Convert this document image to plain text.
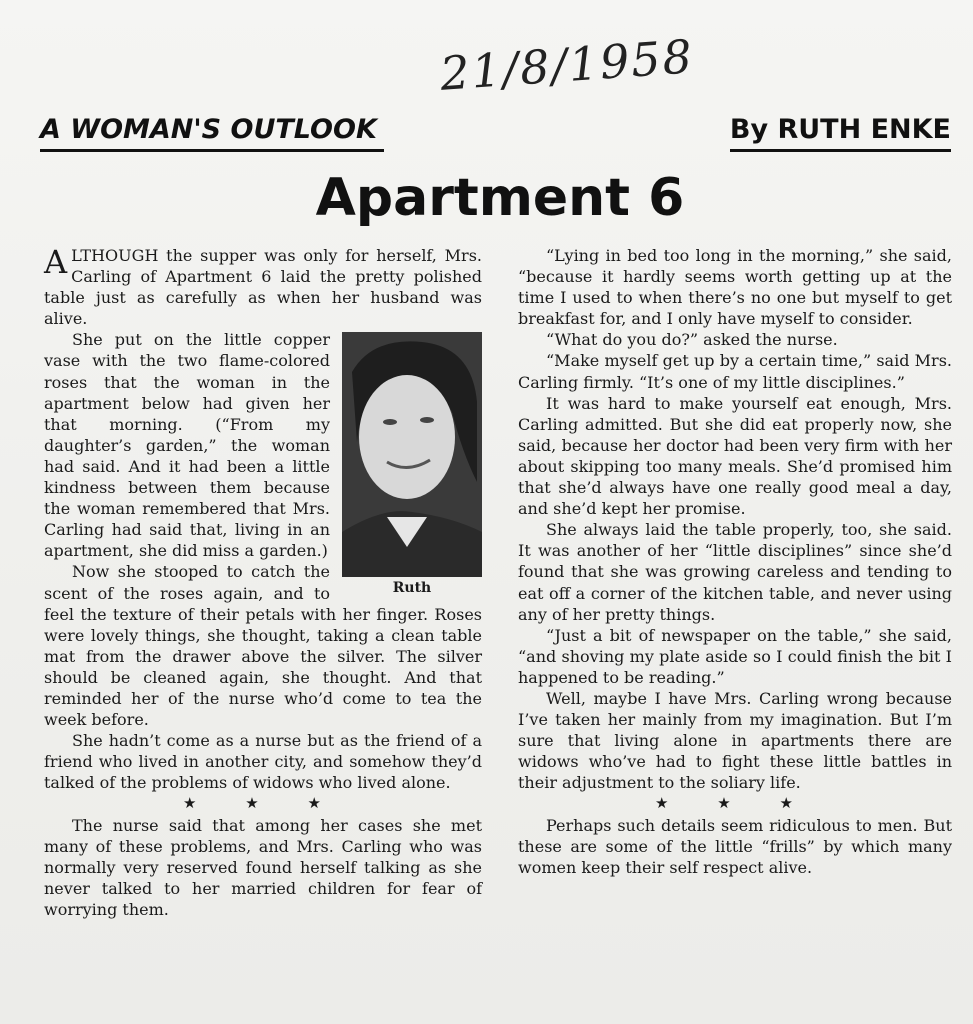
21/8/1958
A WOMAN'S OUTLOOK	By RUTH ENKE
Apartment 6

ALTHOUGH the supper was only for herself, Mrs. Carling of Apartment 6 laid the pretty polished table just as carefully as when her husband was alive.

Ruth

She put on the little copper vase with the two flame-colored roses that the woman in the apartment below had given her that morning. (“From my daughter’s garden,” the woman had said. And it had been a little kindness between them because the woman remembered that Mrs. Carling had said that, living in an apartment, she did miss a garden.)

Now she stooped to catch the scent of the roses again, and to feel the texture of their petals with her finger. Roses were lovely things, she thought, taking a clean table mat from the drawer above the silver. The silver should be cleaned again, she thought. And that reminded her of the nurse who’d come to tea the week before.

She hadn’t come as a nurse but as the friend of a friend who lived in another city, and somehow they’d talked of the problems of widows who lived alone.

★ ★ ★

The nurse said that among her cases she met many of these problems, and Mrs. Carling who was normally very reserved found herself talking as she never talked to her married children for fear of worrying them.

“Lying in bed too long in the morning,” she said, “because it hardly seems worth getting up at the time I used to when there’s no one but myself to get breakfast for, and I only have myself to consider.

“What do you do?” asked the nurse.

“Make myself get up by a certain time,” said Mrs. Carling firmly. “It’s one of my little disciplines.”

It was hard to make yourself eat enough, Mrs. Carling admitted. But she did eat properly now, she said, because her doctor had been very firm with her about skipping too many meals. She’d promised him that she’d always have one really good meal a day, and she’d kept her promise.

She always laid the table properly, too, she said. It was another of her “little disciplines” since she’d found that she was growing careless and tending to eat off a corner of the kitchen table, and never using any of her pretty things.

“Just a bit of newspaper on the table,” she said, “and shoving my plate aside so I could finish the bit I happened to be reading.”

Well, maybe I have Mrs. Carling wrong because I’ve taken her mainly from my imagination. But I’m sure that living alone in apartments there are widows who’ve had to fight these little battles in their adjustment to the soliary life.

★ ★ ★

Perhaps such details seem ridiculous to men. But these are some of the little “frills” by which many women keep their self respect alive.
